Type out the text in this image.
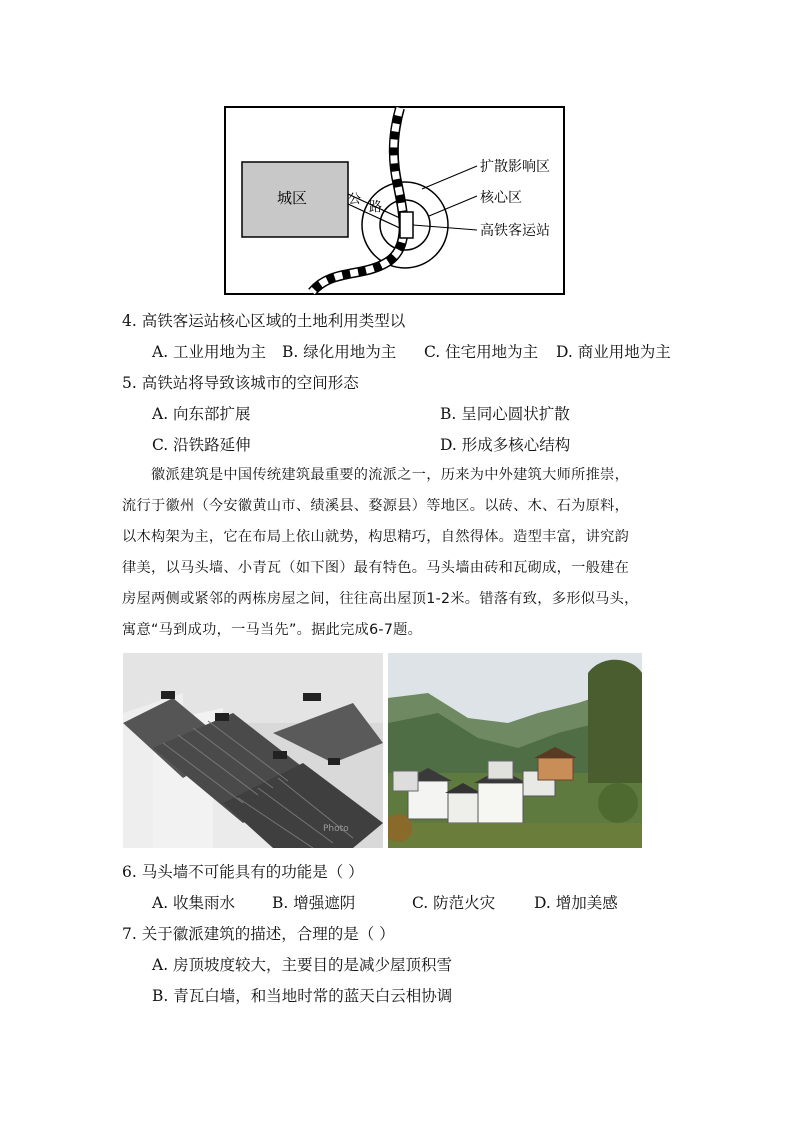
城区	公
路
扩散影响区
核心区
高铁客运站
4. 高铁客运站核心区域的土地利用类型以
A. 工业用地为主 B. 绿化用地为主 C. 住宅用地为主 D. 商业用地为主
5. 高铁站将导致该城市的空间形态
A. 向东部扩展	B. 呈同心圆状扩散
C. 沿铁路延伸	D. 形成多核心结构

　　徽派建筑是中国传统建筑最重要的流派之一，历来为中外建筑大师所推崇，

流行于徽州（今安徽黄山市、绩溪县、婺源县）等地区。以砖、木、石为原料，

以木构架为主，它在布局上依山就势，构思精巧，自然得体。造型丰富，讲究韵

律美，以马头墙、小青瓦（如下图）最有特色。马头墙由砖和瓦砌成，一般建在

房屋两侧或紧邻的两栋房屋之间，往往高出屋顶1-2米。错落有致，多形似马头，

寓意“马到成功，一马当先”。据此完成6-7题。

Photo
6. 马头墙不可能具有的功能是（ ）
A. 收集雨水 B. 增强遮阴	C. 防范火灾	D. 增加美感
7. 关于徽派建筑的描述，合理的是（ ）
A. 房顶坡度较大，主要目的是减少屋顶积雪
B. 青瓦白墙，和当地时常的蓝天白云相协调
